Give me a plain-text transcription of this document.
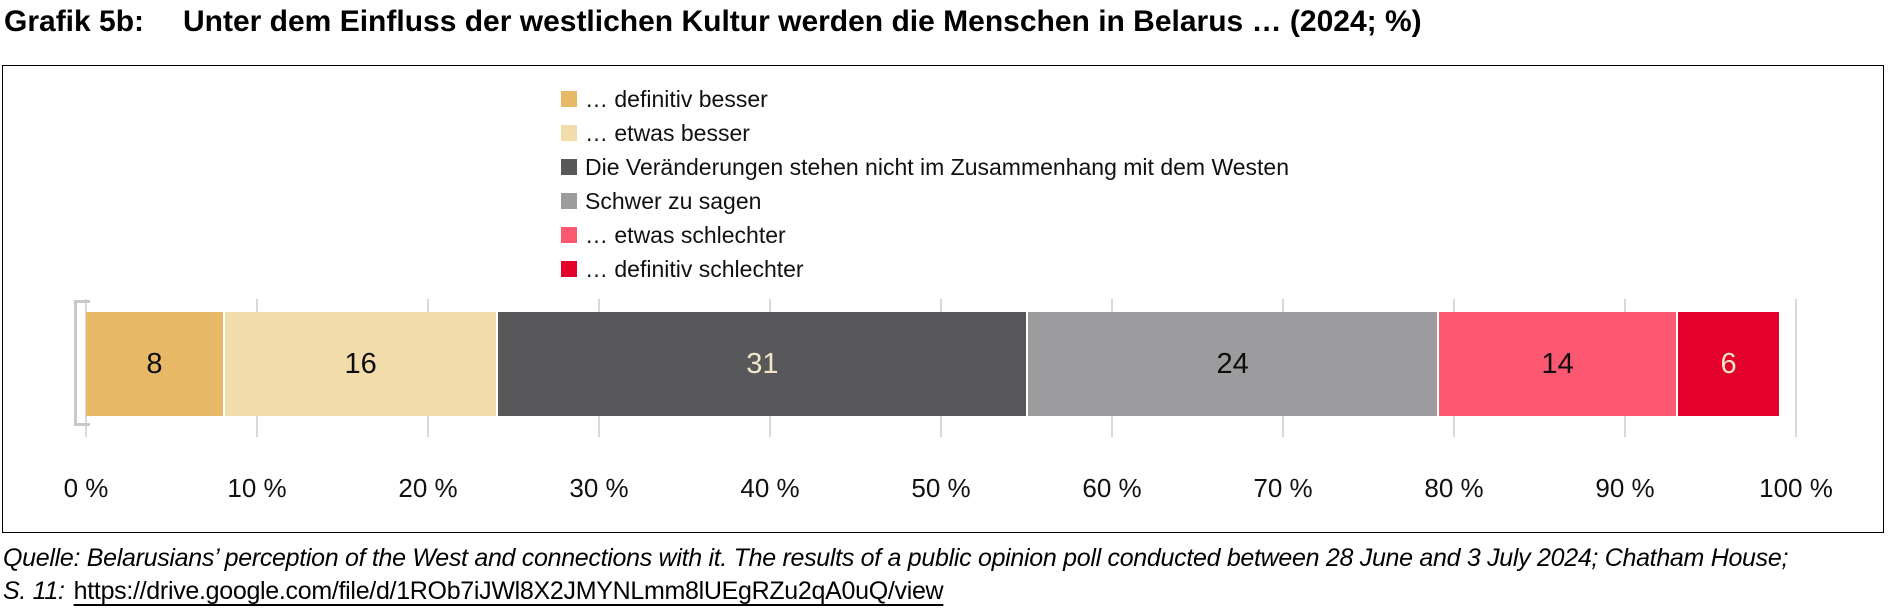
Grafik 5b: Unter dem Einfluss der westlichen Kultur werden die Menschen in Belarus … (2024; %)
… definitiv besser
… etwas besser
Die Veränderungen stehen nicht im Zusammenhang mit dem Westen
Schwer zu sagen
… etwas schlechter
… definitiv schlechter
8	16	31	24	14	6
0 %	10 %	20 %	30 %	40 %	50 %	60 %	70 %	80 %	90 %	100 %
Quelle: Belarusians’ perception of the West and connections with it. The results of a public opinion poll conducted between 28 June and 3 July 2024; Chatham House;
S. 11: https://drive.google.com/file/d/1ROb7iJWl8X2JMYNLmm8lUEgRZu2qA0uQ/view
